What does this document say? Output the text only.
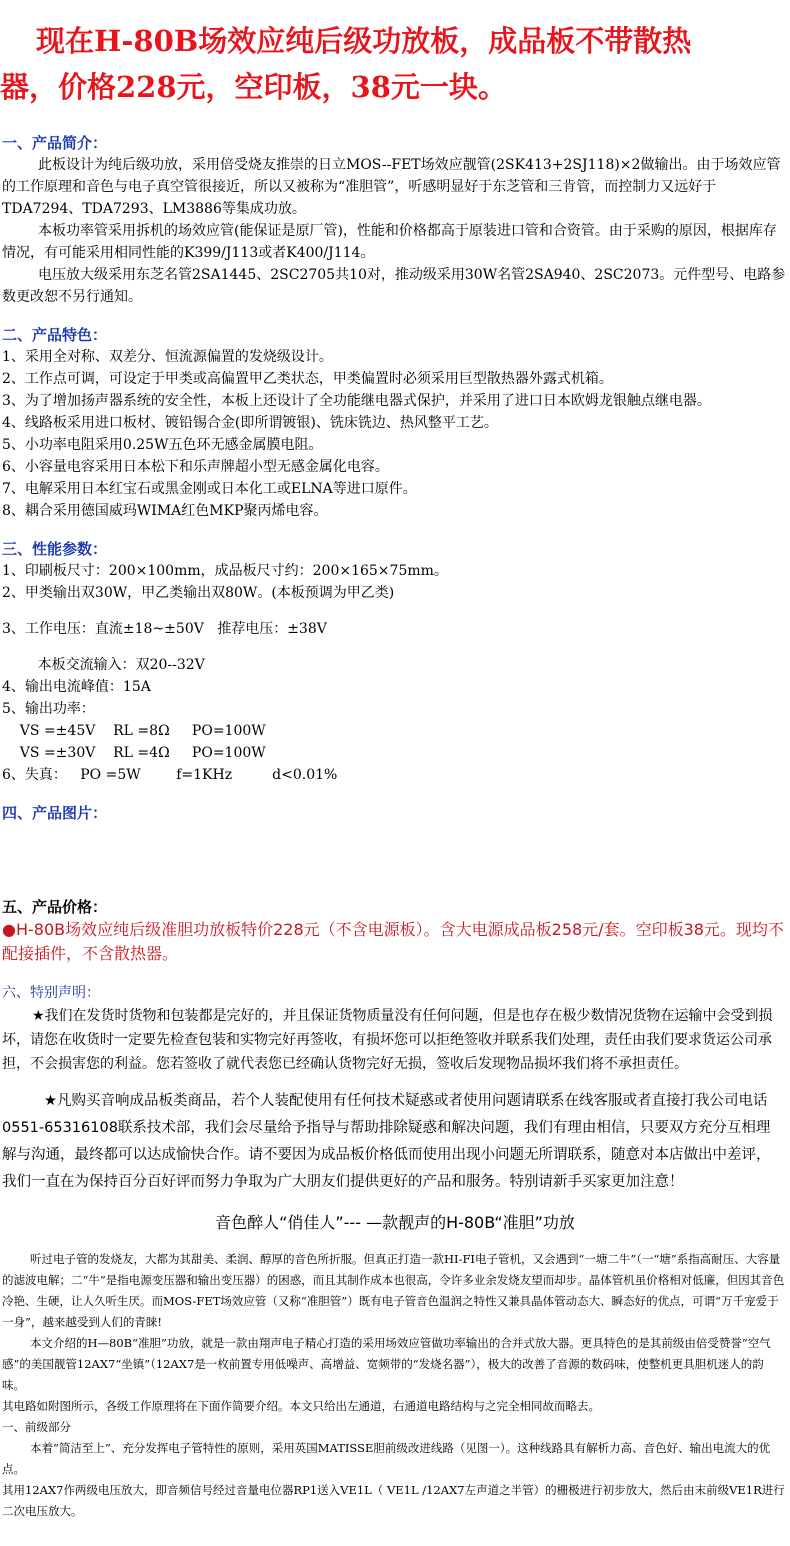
现在H-80B场效应纯后级功放板，成品板不带散热
器，价格228元，空印板，38元一块。
一、产品简介：

此板设计为纯后级功放，采用倍受烧友推崇的日立MOS--FET场效应靓管(2SK413+2SJ118)×2做输出。由于场效应管的工作原理和音色与电子真空管很接近，所以又被称为“准胆管”，听感明显好于东芝管和三肯管，而控制力又远好于TDA7294、TDA7293、LM3886等集成功放。

本板功率管采用拆机的场效应管(能保证是原厂管)，性能和价格都高于原装进口管和合资管。由于采购的原因，根据库存情况，有可能采用相同性能的K399/J113或者K400/J114。

电压放大级采用东芝名管2SA1445、2SC2705共10对，推动级采用30W名管2SA940、2SC2073。元件型号、电路参数更改恕不另行通知。

二、产品特色：
1、采用全对称、双差分、恒流源偏置的发烧级设计。
2、工作点可调，可设定于甲类或高偏置甲乙类状态，甲类偏置时必须采用巨型散热器外露式机箱。
3、为了增加扬声器系统的安全性，本板上还设计了全功能继电器式保护，并采用了进口日本欧姆龙银触点继电器。
4、线路板采用进口板材、镀铅锡合金(即所谓镀银)、铣床铣边、热风整平工艺。
5、小功率电阻采用0.25W五色环无感金属膜电阻。
6、小容量电容采用日本松下和乐声牌超小型无感金属化电容。
7、电解采用日本红宝石或黑金刚或日本化工或ELNA等进口原件。
8、耦合采用德国威玛WIMA红色MKP聚丙烯电容。
三、性能参数：
1、印刷板尺寸：200×100mm，成品板尺寸约：200×165×75mm。
2、甲类输出双30W，甲乙类输出双80W。(本板预调为甲乙类)
3、工作电压：直流±18~±50V   推荐电压：±38V
本板交流输入：双20--32V
4、输出电流峰值：15A
5、输出功率：
VS =±45V    RL =8Ω     PO=100W
VS =±30V    RL =4Ω     PO=100W
6、失真：   PO =5W        f=1KHz         d<0.01%
四、产品图片：
五、产品价格：
●H-80B场效应纯后级准胆功放板特价228元（不含电源板）。含大电源成品板258元/套。空印板38元。现均不配接插件，不含散热器。
六、特别声明：
★我们在发货时货物和包装都是完好的，并且保证货物质量没有任何问题，但是也存在极少数情况货物在运输中会受到损坏，请您在收货时一定要先检查包装和实物完好再签收，有损坏您可以拒绝签收并联系我们处理，责任由我们要求货运公司承担，不会损害您的利益。您若签收了就代表您已经确认货物完好无损，签收后发现物品损坏我们将不承担责任。
★凡购买音响成品板类商品，若个人装配使用有任何技术疑惑或者使用问题请联系在线客服或者直接打我公司电话0551-65316108联系技术部，我们会尽量给予指导与帮助排除疑惑和解决问题，我们有理由相信，只要双方充分互相理解与沟通，最终都可以达成愉快合作。请不要因为成品板价格低而使用出现小问题无所谓联系，随意对本店做出中差评，我们一直在为保持百分百好评而努力争取为广大朋友们提供更好的产品和服务。特别请新手买家更加注意！
音色醉人“俏佳人”--- —款靓声的H-80B“准胆”功放
听过电子管的发烧友，大都为其甜美、柔润、醇厚的音色所折服。但真正打造一款HI-FI电子管机，又会遇到“一塘二牛”（一“塘”系指高耐压、大容量的滤波电解；二“牛”是指电源变压器和输出变压器）的困惑，而且其制作成本也很高，令许多业余发烧友望而却步。晶体管机虽价格相对低廉，但因其音色冷艳、生硬，让人久听生厌。而MOS-FET场效应管（又称“准胆管”）既有电子管音色温润之特性又兼具晶体管动态大、瞬态好的优点，可谓“万千宠爱于一身”，越来越受到人们的青睐!
本文介绍的H—80B“准胆”功放，就是一款由翔声电子精心打造的采用场效应管做功率输出的合并式放大器。更具特色的是其前级由倍受赞誉“空气感”的美国靓管12AX7“坐镇”（12AX7是一枚前置专用低噪声、高增益、宽频带的“发烧名器”），极大的改善了音源的数码味，使整机更具胆机迷人的韵味。
其电路如附图所示，各级工作原理将在下面作简要介绍。本文只给出左通道，右通道电路结构与之完全相同故而略去。
一、前级部分
本着“简洁至上”、充分发挥电子管特性的原则，采用英国MATISSE胆前级改进线路（见图一）。这种线路具有解析力高、音色好、输出电流大的优点。
其用12AX7作两级电压放大，即音频信号经过音量电位器RP1送入VE1L（ VE1L /12AX7左声道之半管）的栅极进行初步放大，然后由末前级VE1R进行二次电压放大。
